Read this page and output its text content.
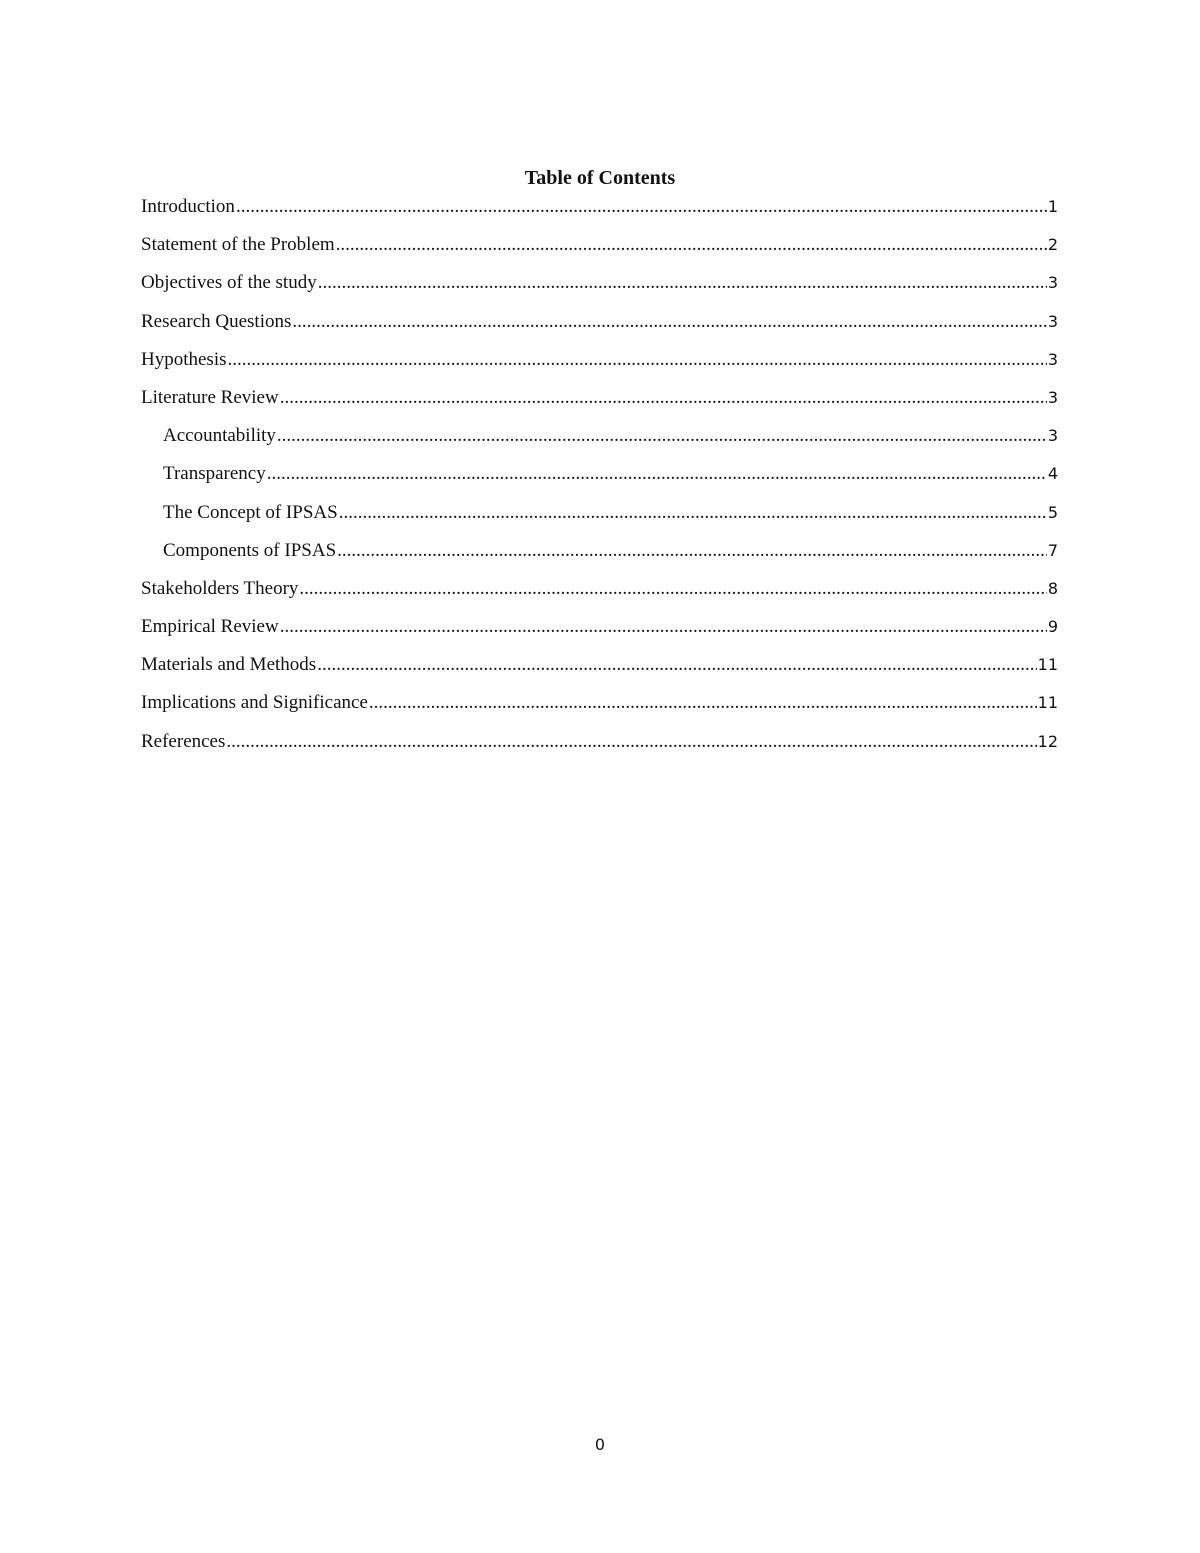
Table of Contents
Introduction .....	1
Statement of the Problem .....	2
Objectives of the study .....	3
Research Questions .....	3
Hypothesis .....	3
Literature Review .....	3
Accountability .....	3
Transparency .....	4
The Concept of IPSAS .....	5
Components of IPSAS .....	7
Stakeholders Theory .....	8
Empirical Review .....	9
Materials and Methods .....	11
Implications and Significance .....	11
References .....	12
0
